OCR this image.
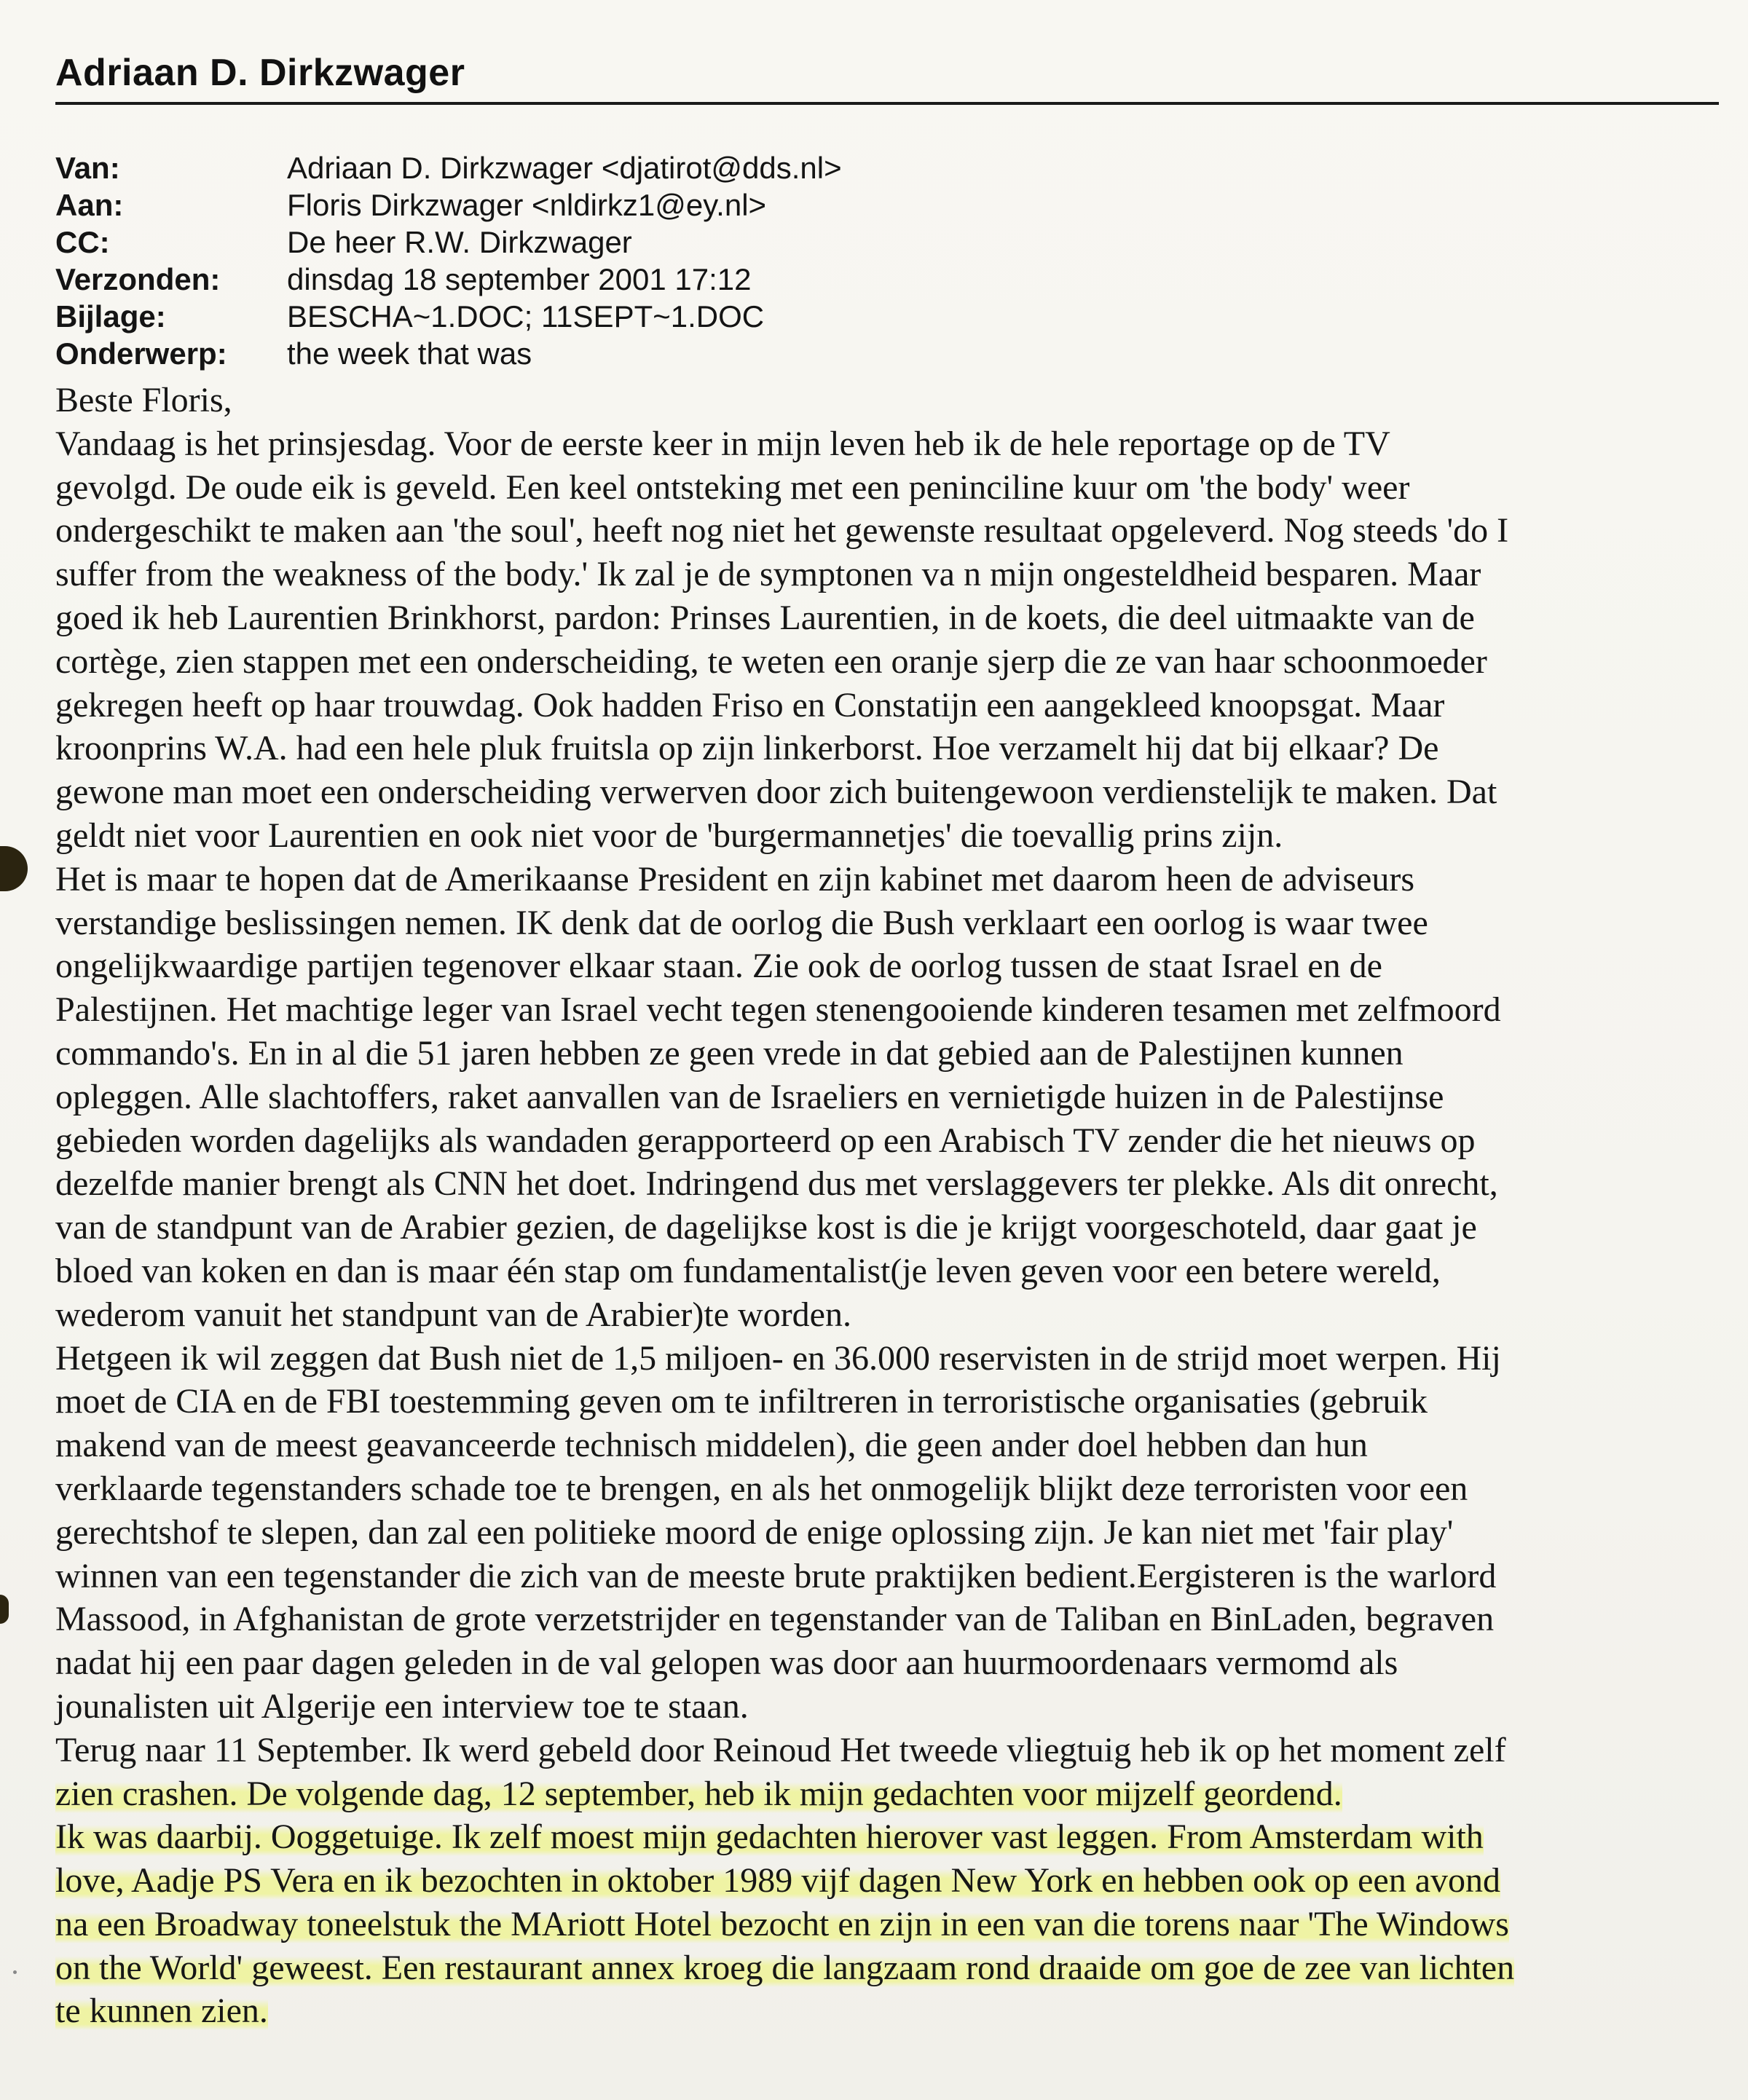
Adriaan D. Dirkzwager
Van:	Adriaan D. Dirkzwager <djatirot@dds.nl>
Aan:	Floris Dirkzwager <nldirkz1@ey.nl>
CC:	De heer R.W. Dirkzwager
Verzonden: dinsdag 18 september 2001 17:12
Bijlage:	BESCHA~1.DOC; 11SEPT~1.DOC
Onderwerp: the week that was

Beste Floris,

Vandaag is het prinsjesdag. Voor de eerste keer in mijn leven heb ik de hele reportage op de TV

gevolgd. De oude eik is geveld. Een keel ontsteking met een peninciline kuur om 'the body' weer

ondergeschikt te maken aan 'the soul', heeft nog niet het gewenste resultaat opgeleverd. Nog steeds 'do I

suffer from the weakness of the body.' Ik zal je de symptonen va n mijn ongesteldheid besparen. Maar

goed ik heb Laurentien Brinkhorst, pardon: Prinses Laurentien, in de koets, die deel uitmaakte van de

cortège, zien stappen met een onderscheiding, te weten een oranje sjerp die ze van haar schoonmoeder

gekregen heeft op haar trouwdag. Ook hadden Friso en Constatijn een aangekleed knoopsgat. Maar

kroonprins W.A. had een hele pluk fruitsla op zijn linkerborst. Hoe verzamelt hij dat bij elkaar? De

gewone man moet een onderscheiding verwerven door zich buitengewoon verdienstelijk te maken. Dat

geldt niet voor Laurentien en ook niet voor de 'burgermannetjes' die toevallig prins zijn.

Het is maar te hopen dat de Amerikaanse President en zijn kabinet met daarom heen de adviseurs

verstandige beslissingen nemen. IK denk dat de oorlog die Bush verklaart een oorlog is waar twee

ongelijkwaardige partijen tegenover elkaar staan. Zie ook de oorlog tussen de staat Israel en de

Palestijnen. Het machtige leger van Israel vecht tegen stenengooiende kinderen tesamen met zelfmoord

commando's. En in al die 51 jaren hebben ze geen vrede in dat gebied aan de Palestijnen kunnen

opleggen. Alle slachtoffers, raket aanvallen van de Israeliers en vernietigde huizen in de Palestijnse

gebieden worden dagelijks als wandaden gerapporteerd op een Arabisch TV zender die het nieuws op

dezelfde manier brengt als CNN het doet. Indringend dus met verslaggevers ter plekke. Als dit onrecht,

van de standpunt van de Arabier gezien, de dagelijkse kost is die je krijgt voorgeschoteld, daar gaat je

bloed van koken en dan is maar één stap om fundamentalist(je leven geven voor een betere wereld,

wederom vanuit het standpunt van de Arabier)te worden.

Hetgeen ik wil zeggen dat Bush niet de 1,5 miljoen- en 36.000 reservisten in de strijd moet werpen. Hij

moet de CIA en de FBI toestemming geven om te infiltreren in terroristische organisaties (gebruik

makend van de meest geavanceerde technisch middelen), die geen ander doel hebben dan hun

verklaarde tegenstanders schade toe te brengen, en als het onmogelijk blijkt deze terroristen voor een

gerechtshof te slepen, dan zal een politieke moord de enige oplossing zijn. Je kan niet met 'fair play'

winnen van een tegenstander die zich van de meeste brute praktijken bedient.Eergisteren is the warlord

Massood, in Afghanistan de grote verzetstrijder en tegenstander van de Taliban en BinLaden, begraven

nadat hij een paar dagen geleden in de val gelopen was door aan huurmoordenaars vermomd als

jounalisten uit Algerije een interview toe te staan.

Terug naar 11 September. Ik werd gebeld door Reinoud Het tweede vliegtuig heb ik op het moment zelf

zien crashen. De volgende dag, 12 september, heb ik mijn gedachten voor mijzelf geordend.

Ik was daarbij. Ooggetuige. Ik zelf moest mijn gedachten hierover vast leggen. From Amsterdam with

love, Aadje PS Vera en ik bezochten in oktober 1989 vijf dagen New York en hebben ook op een avond

na een Broadway toneelstuk the MAriott Hotel bezocht en zijn in een van die torens naar 'The Windows

on the World' geweest. Een restaurant annex kroeg die langzaam rond draaide om goe de zee van lichten

te kunnen zien.
